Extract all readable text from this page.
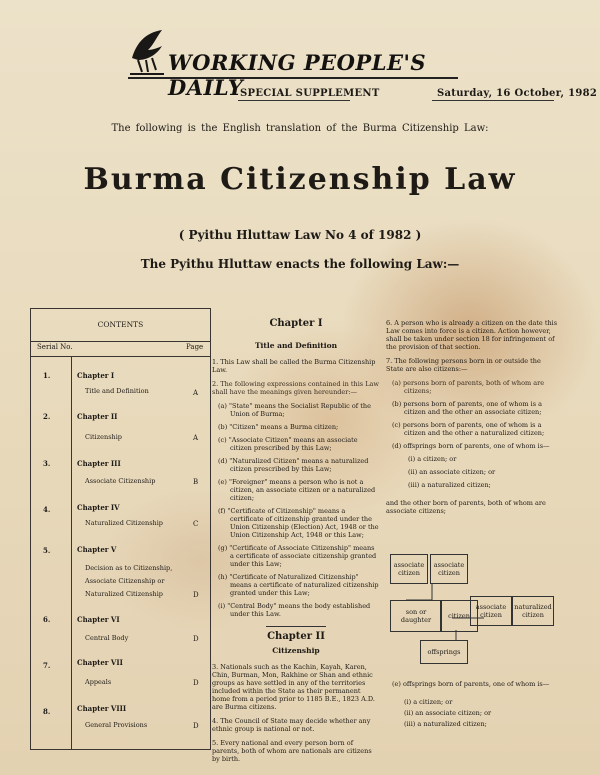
WORKING PEOPLE'S DAILY
SPECIAL SUPPLEMENT	Saturday, 16 October, 1982
The following is the English translation of the Burma Citizenship Law:
Burma Citizenship Law
( Pyithu Hluttaw Law No 4 of 1982 )
The Pyithu Hluttaw enacts the following Law:—
CONTENTS
Serial No.	Page
1.	Chapter I
Title and Definition	A
2.	Chapter II
Citizenship	A
3.	Chapter III
Associate Citizenship	B
4.	Chapter IV
Naturalized Citizenship	C
5.	Chapter V
Decision as to Citizenship,
Associate Citizenship or
Naturalized Citizenship	D
6.	Chapter VI
Central Body	D
7.	Chapter VII
Appeals	D
8.	Chapter VIII
General Provisions	D
Chapter I
Title and Definition

1. This Law shall be called the Burma Citizenship Law.

2. The following expressions contained in this Law shall have the meanings given hereunder:—

(a) "State" means the Socialist Republic of the Union of Burma;

(b) "Citizen" means a Burma citizen;

(c) "Associate Citizen" means an associate citizen prescribed by this Law;

(d) "Naturalized Citizen" means a naturalized citizen prescribed by this Law;

(e) "Foreigner" means a person who is not a citizen, an associate citizen or a naturalized citizen;

(f) "Certificate of Citizenship" means a certificate of citizenship granted under the Union Citizenship (Election) Act, 1948 or the Union Citizenship Act, 1948 or this Law;

(g) "Certificate of Associate Citizenship" means a certificate of associate citizenship granted under this Law;

(h) "Certificate of Naturalized Citizenship" means a certificate of naturalized citizenship granted under this Law;

(i) "Central Body" means the body established under this Law.

Chapter II
Citizenship

3. Nationals such as the Kachin, Kayah, Karen, Chin, Burman, Mon, Rakhine or Shan and ethnic groups as have settled in any of the territories included within the State as their permanent home from a period prior to 1185 B.E., 1823 A.D. are Burma citizens.

4. The Council of State may decide whether any ethnic group is national or not.

5. Every national and every person born of parents, both of whom are nationals are citizens by birth.

6. A person who is already a citizen on the date this Law comes into force is a citizen. Action however, shall be taken under section 18 for infringement of the provision of that section.

7. The following persons born in or outside the State are also citizens:—

(a) persons born of parents, both of whom are citizens;

(b) persons born of parents, one of whom is a citizen and the other an associate citizen;

(c) persons born of parents, one of whom is a citizen and the other a naturalized citizen;

(d) offsprings born of parents, one of whom is—

(i) a citizen; or
(ii) an associate citizen; or
(iii) a naturalized citizen;

and the other born of parents, both of whom are associate citizens;

associate citizen
associate citizen
son or daughter	citizen
associate citizen
naturalized citizen
offsprings

(e) offsprings born of parents, one of whom is—

(i) a citizen; or
(ii) an associate citizen; or
(iii) a naturalized citizen;
